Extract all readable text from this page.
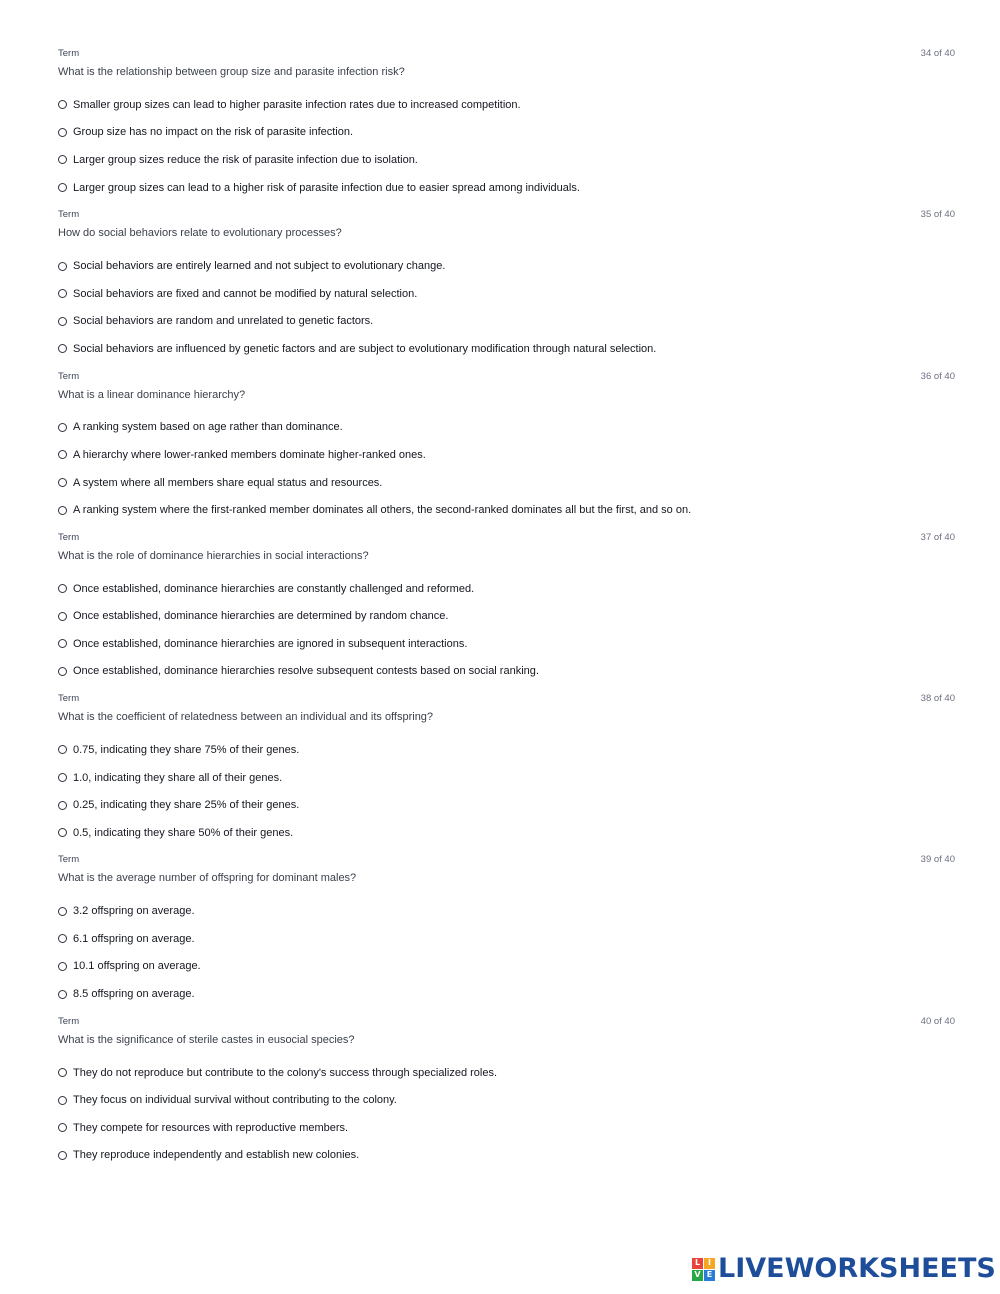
Term	34 of 40
What is the relationship between group size and parasite infection risk?
Smaller group sizes can lead to higher parasite infection rates due to increased competition.
Group size has no impact on the risk of parasite infection.
Larger group sizes reduce the risk of parasite infection due to isolation.
Larger group sizes can lead to a higher risk of parasite infection due to easier spread among individuals.
Term	35 of 40
How do social behaviors relate to evolutionary processes?
Social behaviors are entirely learned and not subject to evolutionary change.
Social behaviors are fixed and cannot be modified by natural selection.
Social behaviors are random and unrelated to genetic factors.
Social behaviors are influenced by genetic factors and are subject to evolutionary modification through natural selection.
Term	36 of 40
What is a linear dominance hierarchy?
A ranking system based on age rather than dominance.
A hierarchy where lower-ranked members dominate higher-ranked ones.
A system where all members share equal status and resources.
A ranking system where the first-ranked member dominates all others, the second-ranked dominates all but the first, and so on.
Term	37 of 40
What is the role of dominance hierarchies in social interactions?
Once established, dominance hierarchies are constantly challenged and reformed.
Once established, dominance hierarchies are determined by random chance.
Once established, dominance hierarchies are ignored in subsequent interactions.
Once established, dominance hierarchies resolve subsequent contests based on social ranking.
Term	38 of 40
What is the coefficient of relatedness between an individual and its offspring?
0.75, indicating they share 75% of their genes.
1.0, indicating they share all of their genes.
0.25, indicating they share 25% of their genes.
0.5, indicating they share 50% of their genes.
Term	39 of 40
What is the average number of offspring for dominant males?
3.2 offspring on average.
6.1 offspring on average.
10.1 offspring on average.
8.5 offspring on average.
Term	40 of 40
What is the significance of sterile castes in eusocial species?
They do not reproduce but contribute to the colony's success through specialized roles.
They focus on individual survival without contributing to the colony.
They compete for resources with reproductive members.
They reproduce independently and establish new colonies.
L I
V E LIVEWORKSHEETS
